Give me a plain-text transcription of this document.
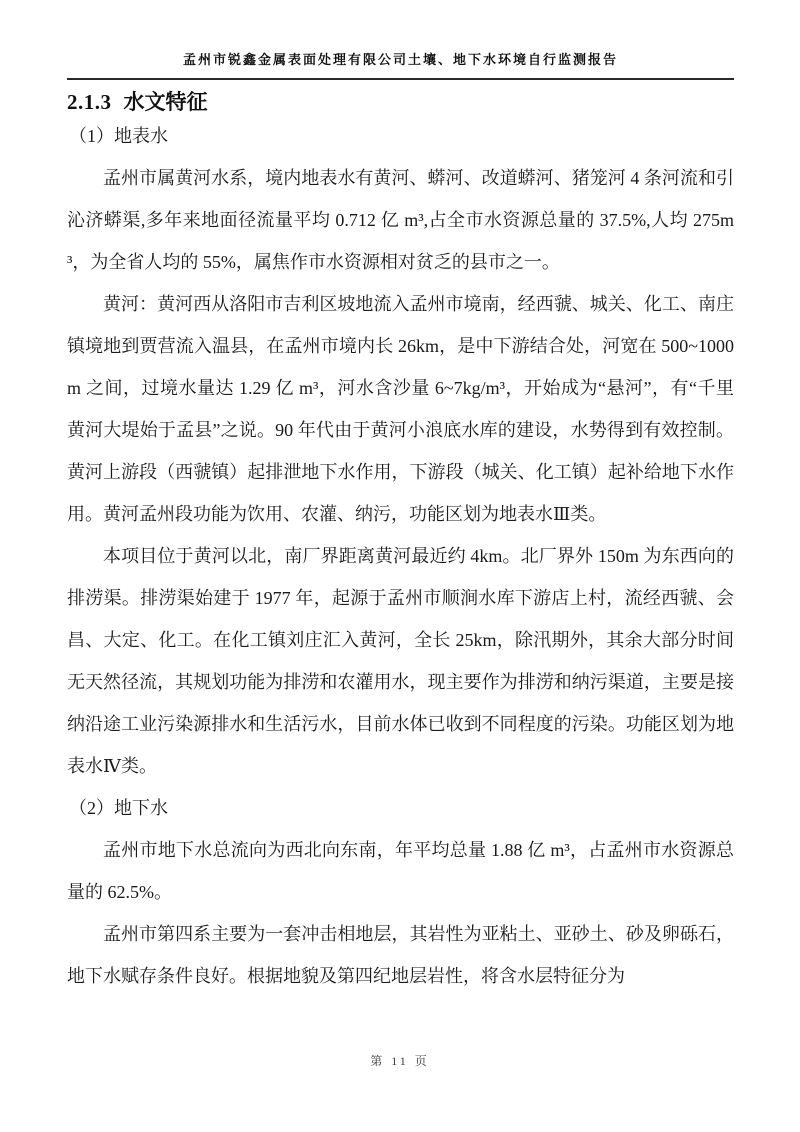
孟州市锐鑫金属表面处理有限公司土壤、地下水环境自行监测报告
2.1.3 水文特征
（1）地表水

孟州市属黄河水系，境内地表水有黄河、蟒河、改道蟒河、猪笼河 4 条河流和引沁济蟒渠,多年来地面径流量平均 0.712 亿 m³,占全市水资源总量的 37.5%,人均 275m³，为全省人均的 55%，属焦作市水资源相对贫乏的县市之一。

黄河：黄河西从洛阳市吉利区坡地流入孟州市境南，经西虢、城关、化工、南庄镇境地到贾营流入温县，在孟州市境内长 26km，是中下游结合处，河宽在 500~1000m 之间，过境水量达 1.29 亿 m³，河水含沙量 6~7kg/m³，开始成为“悬河”，有“千里黄河大堤始于孟县”之说。90 年代由于黄河小浪底水库的建设，水势得到有效控制。黄河上游段（西虢镇）起排泄地下水作用，下游段（城关、化工镇）起补给地下水作用。黄河孟州段功能为饮用、农灌、纳污，功能区划为地表水Ⅲ类。

本项目位于黄河以北，南厂界距离黄河最近约 4km。北厂界外 150m 为东西向的排涝渠。排涝渠始建于 1977 年，起源于孟州市顺涧水库下游店上村，流经西虢、会昌、大定、化工。在化工镇刘庄汇入黄河，全长 25km，除汛期外，其余大部分时间无天然径流，其规划功能为排涝和农灌用水，现主要作为排涝和纳污渠道，主要是接纳沿途工业污染源排水和生活污水，目前水体已收到不同程度的污染。功能区划为地表水Ⅳ类。

（2）地下水

孟州市地下水总流向为西北向东南，年平均总量 1.88 亿 m³，占孟州市水资源总量的 62.5%。

孟州市第四系主要为一套冲击相地层，其岩性为亚粘土、亚砂土、砂及卵砾石，地下水赋存条件良好。根据地貌及第四纪地层岩性，将含水层特征分为

第 11 页
